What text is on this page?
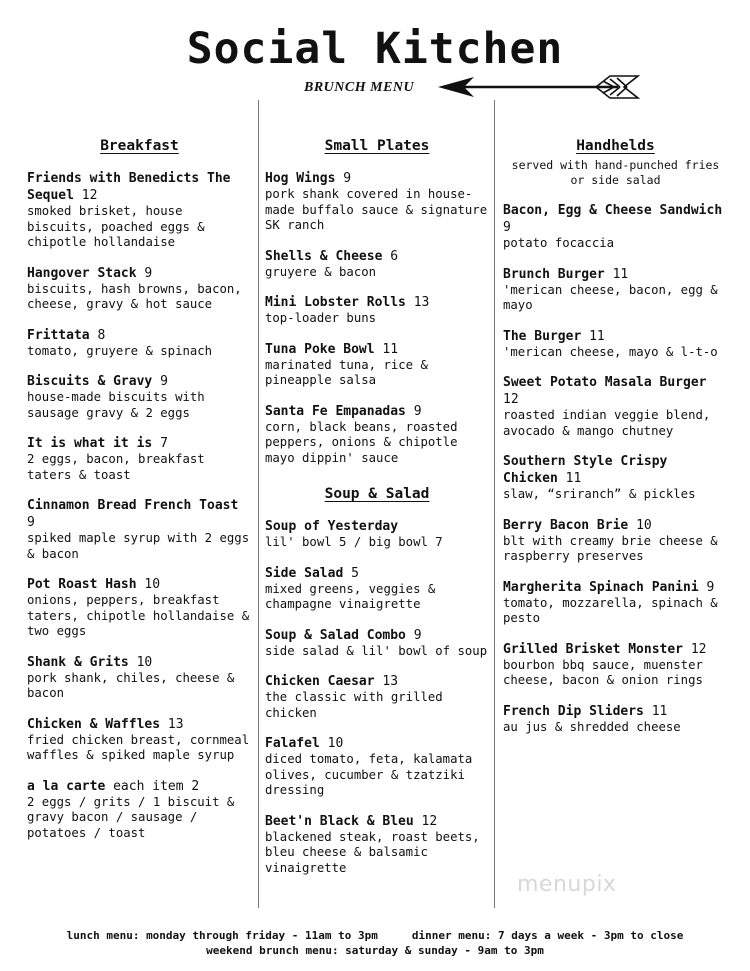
Social Kitchen
BRUNCH MENU
Breakfast
Friends with Benedicts The Sequel 12
smoked brisket, house biscuits, poached eggs & chipotle hollandaise
Hangover Stack 9
biscuits, hash browns, bacon, cheese, gravy & hot sauce
Frittata 8
tomato, gruyere & spinach
Biscuits & Gravy 9
house-made biscuits with sausage gravy & 2 eggs
It is what it is 7
2 eggs, bacon, breakfast taters & toast
Cinnamon Bread French Toast 9
spiked maple syrup with 2 eggs & bacon
Pot Roast Hash 10
onions, peppers, breakfast taters, chipotle hollandaise & two eggs
Shank & Grits 10
pork shank, chiles, cheese & bacon
Chicken & Waffles 13
fried chicken breast, cornmeal waffles & spiked maple syrup
a la carte each item 2
2 eggs / grits / 1 biscuit & gravy bacon / sausage / potatoes / toast
Small Plates
Hog Wings 9
pork shank covered in house-made buffalo sauce & signature SK ranch
Shells & Cheese 6
gruyere & bacon
Mini Lobster Rolls 13
top-loader buns
Tuna Poke Bowl 11
marinated tuna, rice & pineapple salsa
Santa Fe Empanadas 9
corn, black beans, roasted peppers, onions & chipotle mayo dippin' sauce
Soup & Salad
Soup of Yesterday
lil' bowl 5 / big bowl 7
Side Salad 5
mixed greens, veggies & champagne vinaigrette
Soup & Salad Combo 9
side salad & lil' bowl of soup
Chicken Caesar 13
the classic with grilled chicken
Falafel 10
diced tomato, feta, kalamata olives, cucumber & tzatziki dressing
Beet'n Black & Bleu 12
blackened steak, roast beets, bleu cheese & balsamic vinaigrette
Handhelds
served with hand-punched fries or side salad
Bacon, Egg & Cheese Sandwich 9
potato focaccia
Brunch Burger 11
'merican cheese, bacon, egg & mayo
The Burger 11
'merican cheese, mayo & l-t-o
Sweet Potato Masala Burger 12
roasted indian veggie blend, avocado & mango chutney
Southern Style Crispy Chicken 11
slaw, “sriranch” & pickles
Berry Bacon Brie 10
blt with creamy brie cheese & raspberry preserves
Margherita Spinach Panini 9
tomato, mozzarella, spinach & pesto
Grilled Brisket Monster 12
bourbon bbq sauce, muenster cheese, bacon & onion rings
French Dip Sliders 11
au jus & shredded cheese
menupix
lunch menu: monday through friday - 11am to 3pm	dinner menu: 7 days a week - 3pm to close
weekend brunch menu: saturday & sunday - 9am to 3pm
